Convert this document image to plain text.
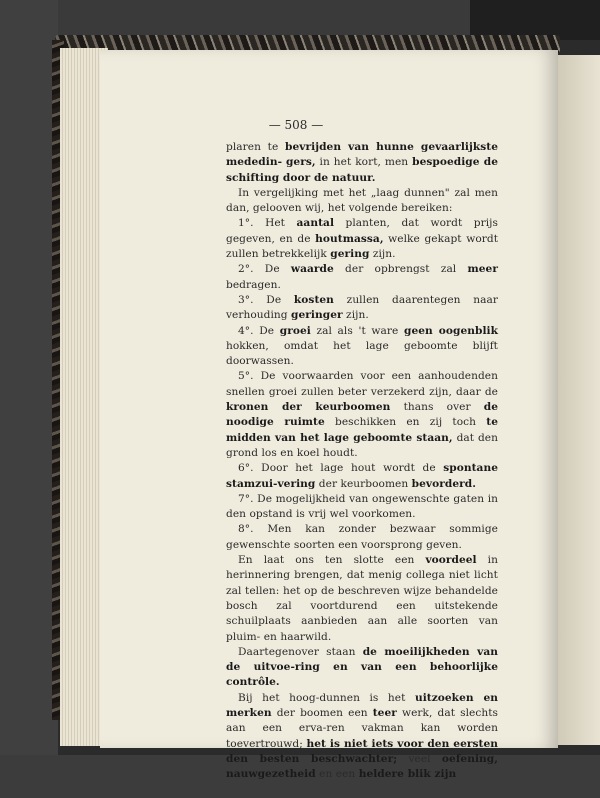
— 508 —

plaren te bevrijden van hunne gevaarlijkste mededin- gers, in het kort, men bespoedige de schifting door de natuur.

In vergelijking met het „laag dunnen" zal men dan, gelooven wij, het volgende bereiken:

1°. Het aantal planten, dat wordt prijs gegeven, en de houtmassa, welke gekapt wordt zullen betrekkelijk gering zijn.

2°. De waarde der opbrengst zal meer bedragen.

3°. De kosten zullen daarentegen naar verhouding geringer zijn.

4°. De groei zal als 't ware geen oogenblik hokken, omdat het lage geboomte blijft doorwassen.

5°. De voorwaarden voor een aanhoudenden snellen groei zullen beter verzekerd zijn, daar de kronen der keurboomen thans over de noodige ruimte beschikken en zij toch te midden van het lage geboomte staan, dat den grond los en koel houdt.

6°. Door het lage hout wordt de spontane stamzui-vering der keurboomen bevorderd.

7°. De mogelijkheid van ongewenschte gaten in den opstand is vrij wel voorkomen.

8°. Men kan zonder bezwaar sommige gewenschte soorten een voorsprong geven.

En laat ons ten slotte een voordeel in herinnering brengen, dat menig collega niet licht zal tellen: het op de beschreven wijze behandelde bosch zal voortdurend een uitstekende schuilplaats aanbieden aan alle soorten van pluim- en haarwild.

Daartegenover staan de moeilijkheden van de uitvoe-ring en van een behoorlijke contrôle.

Bij het hoog-dunnen is het uitzoeken en merken der boomen een teer werk, dat slechts aan een erva-ren vakman kan worden toevertrouwd; het is niet iets voor den eersten den besten beschwachter; veel oefening, nauwgezetheid en een heldere blik zijn
